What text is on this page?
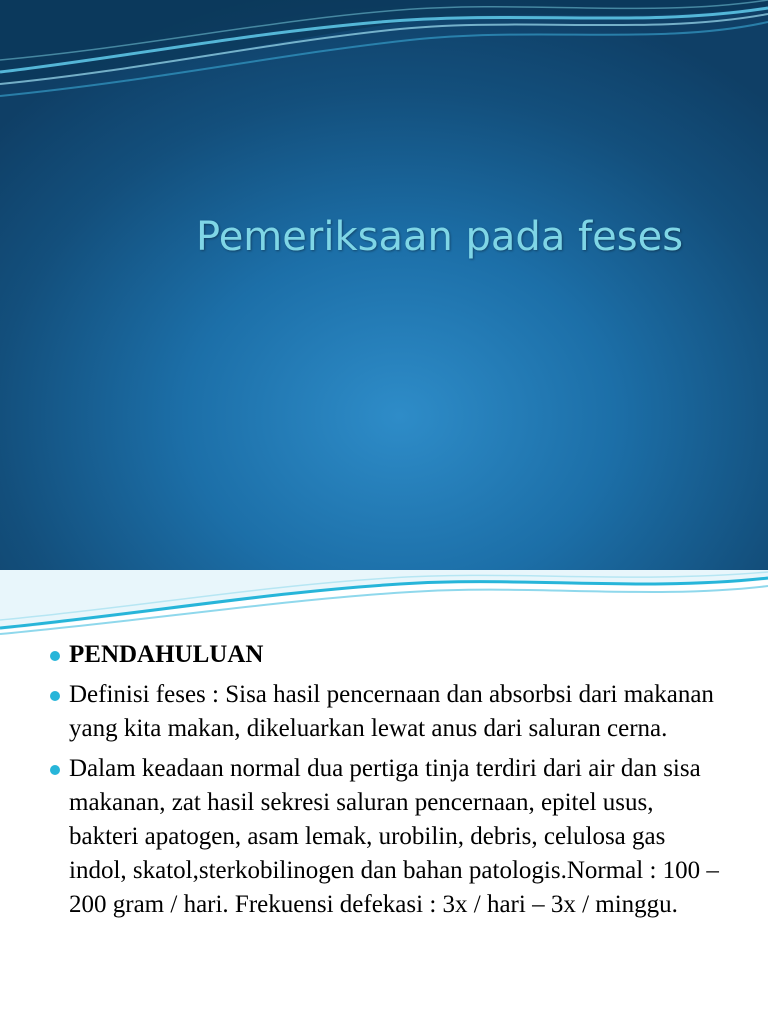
Pemeriksaan pada feses
PENDAHULUAN
Definisi feses : Sisa hasil pencernaan dan absorbsi dari makanan yang kita makan, dikeluarkan lewat anus dari saluran cerna.
Dalam keadaan normal dua pertiga tinja terdiri dari air dan sisa makanan, zat hasil sekresi saluran pencernaan, epitel usus, bakteri apatogen, asam lemak, urobilin, debris, celulosa gas indol, skatol,sterkobilinogen dan bahan patologis.Normal : 100 – 200 gram / hari. Frekuensi defekasi : 3x / hari – 3x / minggu.
